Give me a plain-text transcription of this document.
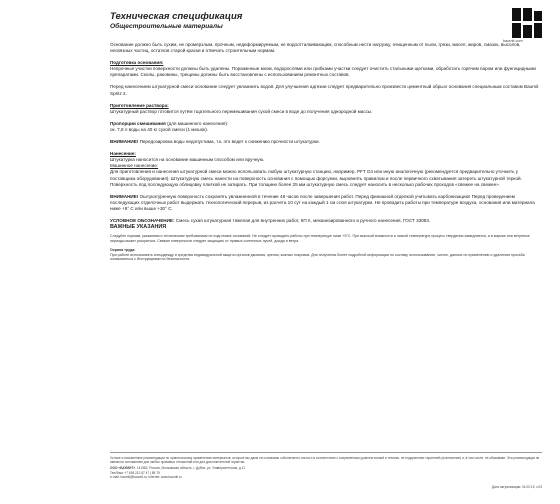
Техническая спецификация
Общестроительные материалы
baumit.com

Основание должно быть сухим, не промерзлым, прочным, недеформируемым, не водоотталкивающим, способным нести нагрузку, очищенным от пыли, грязи, масел, жиров, смазок, высолов, несвязных частиц, остатков старой краски и отвечать строительным нормам.

Подготовка основания:

Непрочные участки поверхности должны быть удалены. Пораженные мхом, водорослями или грибками участки следует очистить стальными щетками, обработать горячим паром или фунгицидными препаратами. Сколы, раковины, трещины должны быть восстановлены с использованием ремонтных составов.

Перед нанесением штукатурной смеси основание следует увлажнить водой. Для улучшения адгезии следует предварительно произвести цементный обрызг основания специальным составом Baumit Spritz 2.

Приготовление раствора:

Штукатурный раствор готовится путём тщательного перемешивания сухой смеси в воде до получения однородной массы.

Пропорции смешивания (для машинного нанесения):

ок. 7,8 л воды на 40 кг сухой смеси (1 мешок).

ВНИМАНИЕ! Передозировка воды недопустима, т.к. это ведет к снижению прочности штукатурки.

Нанесение:

Штукатурка наносится на основание машинным способом или вручную.

Машинное нанесение:

Для приготовления и нанесения штукатурной смеси можно использовать любую штукатурную станцию, например, PFT G4 или иную аналогичную (рекомендуется предварительно уточнить у поставщика оборудования). Штукатурную смесь нанести на поверхность основания с помощью форсунки, выровнять правилом и после первичного схватывания затереть штукатурной теркой. Поверхность под последующую облицовку плиткой не затирать. При толщине более 25 мм штукатурную смесь следует наносить в несколько рабочих проходов «свежее на свежее».

ВНИМАНИЕ! Оштукатуренную поверхность сохранять увлажненной в течение 48 часов после завершения работ. Перед финишной отделкой учитывать карбонизацию! Перед проведением последующих отделочных работ выдержать технологический перерыв, из расчета 10 сут на каждый 1 см слоя штукатурки. Не проводить работы при температуре воздуха, основания или материала ниже +5° С или выше +30° С.

УСЛОВНОЕ ОБОЗНАЧЕНИЕ: Смесь сухая штукатурная тяжелая для внутренних работ, КП II, механизированного и ручного нанесения, ГОСТ 33083.

ВАЖНЫЕ УКАЗАНИЯ

Следуйте нормам, указаниям и техническим требованиям по подготовке оснований. Не следует проводить работы при температуре ниже +5°С. При высокой влажности и низкой температуре процесс твердения замедляется, а в жаркие или ветреные периоды может ускоряться. Свежие поверхности следует защищать от прямых солнечных лучей, дождя и ветра.

Охрана труда:

При работе использовать спецодежду и средства индивидуальной защиты органов дыхания, зрения, кожных покровов. Для получения более подробной информации по составу, использованию, чистке, данных по применению и удалению просьба ознакомиться с Инструкциями по безопасности.

Устные и письменные рекомендации по практическому применению материалов, которые мы даем на основании собственного опыта и в соответствии с современным уровнем знаний и техники, не подкрепляют гарантией (исключение) и, в том числе, не обязывают. Эти рекомендации не являются основанием для любых правовых отношений или для дополнительной гарантии.

ООО «БАУМИТ», 141982, Россия, Московская область, г. Дубна, ул. Университетская, д.11

Тел/Факс +7 495 212 87 47 | 85 79

e-mail: baumit@baumit.ru, Internet: www.baumit.ru

Дата актуализации: 04.02.19, v.03
